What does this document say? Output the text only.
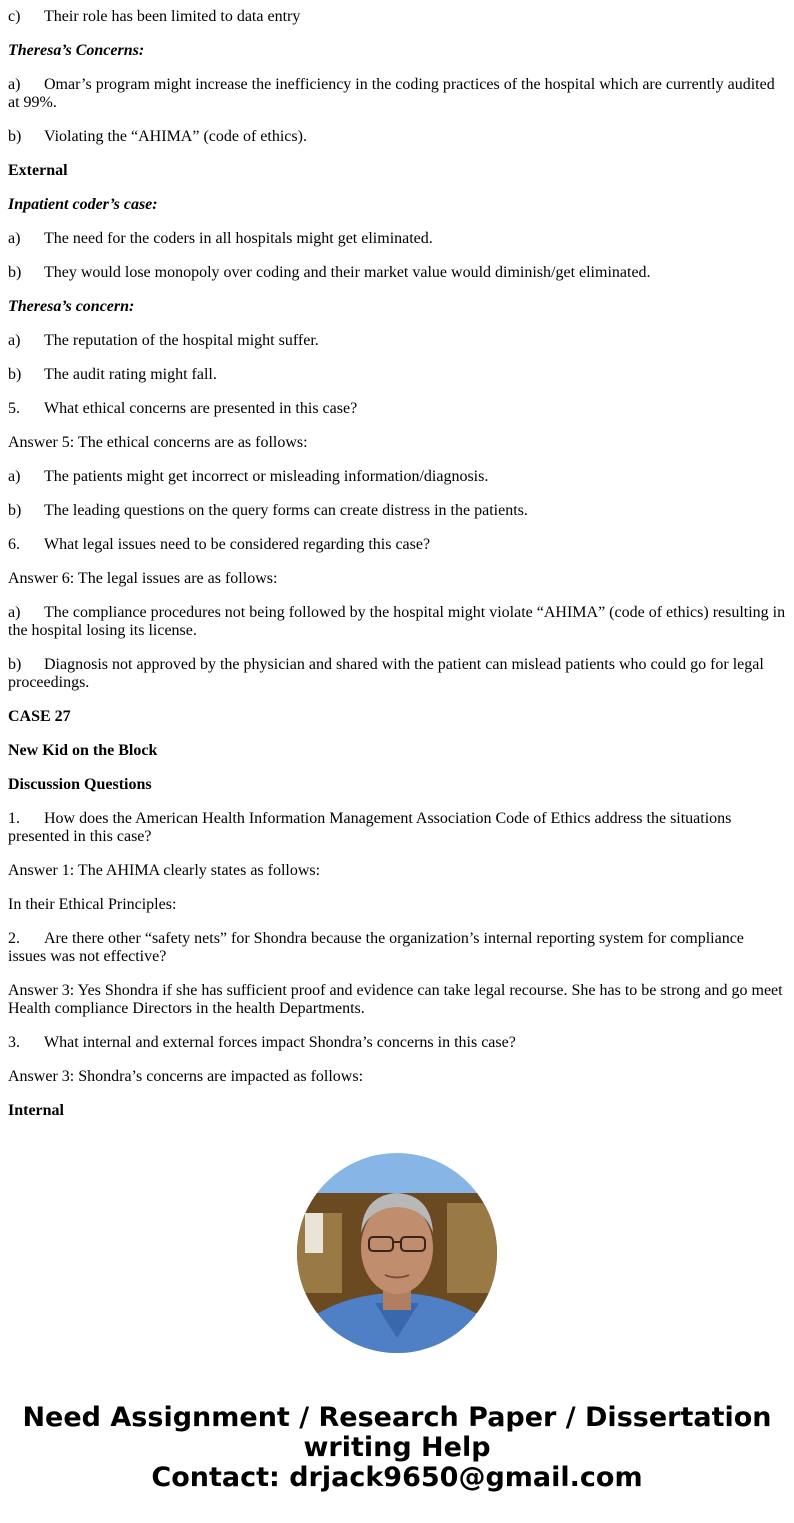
c) Their role has been limited to data entry
Theresa’s Concerns:
a) Omar’s program might increase the inefficiency in the coding practices of the hospital which are currently audited at 99%.
b) Violating the “AHIMA” (code of ethics).
External
Inpatient coder’s case:
a) The need for the coders in all hospitals might get eliminated.
b) They would lose monopoly over coding and their market value would diminish/get eliminated.
Theresa’s concern:
a) The reputation of the hospital might suffer.
b) The audit rating might fall.
5. What ethical concerns are presented in this case?
Answer 5: The ethical concerns are as follows:
a) The patients might get incorrect or misleading information/diagnosis.
b) The leading questions on the query forms can create distress in the patients.
6. What legal issues need to be considered regarding this case?
Answer 6: The legal issues are as follows:
a) The compliance procedures not being followed by the hospital might violate “AHIMA” (code of ethics) resulting in the hospital losing its license.
b) Diagnosis not approved by the physician and shared with the patient can mislead patients who could go for legal proceedings.
CASE 27
New Kid on the Block
Discussion Questions
1. How does the American Health Information Management Association Code of Ethics address the situations presented in this case?
Answer 1: The AHIMA clearly states as follows:
In their Ethical Principles:
2. Are there other “safety nets” for Shondra because the organization’s internal reporting system for compliance issues was not effective?
Answer 3: Yes Shondra if she has sufficient proof and evidence can take legal recourse. She has to be strong and go meet Health compliance Directors in the health Departments.
3. What internal and external forces impact Shondra’s concerns in this case?
Answer 3: Shondra’s concerns are impacted as follows:
Internal
Need Assignment / Research Paper / Dissertation
writing Help
Contact: drjack9650@gmail.com
